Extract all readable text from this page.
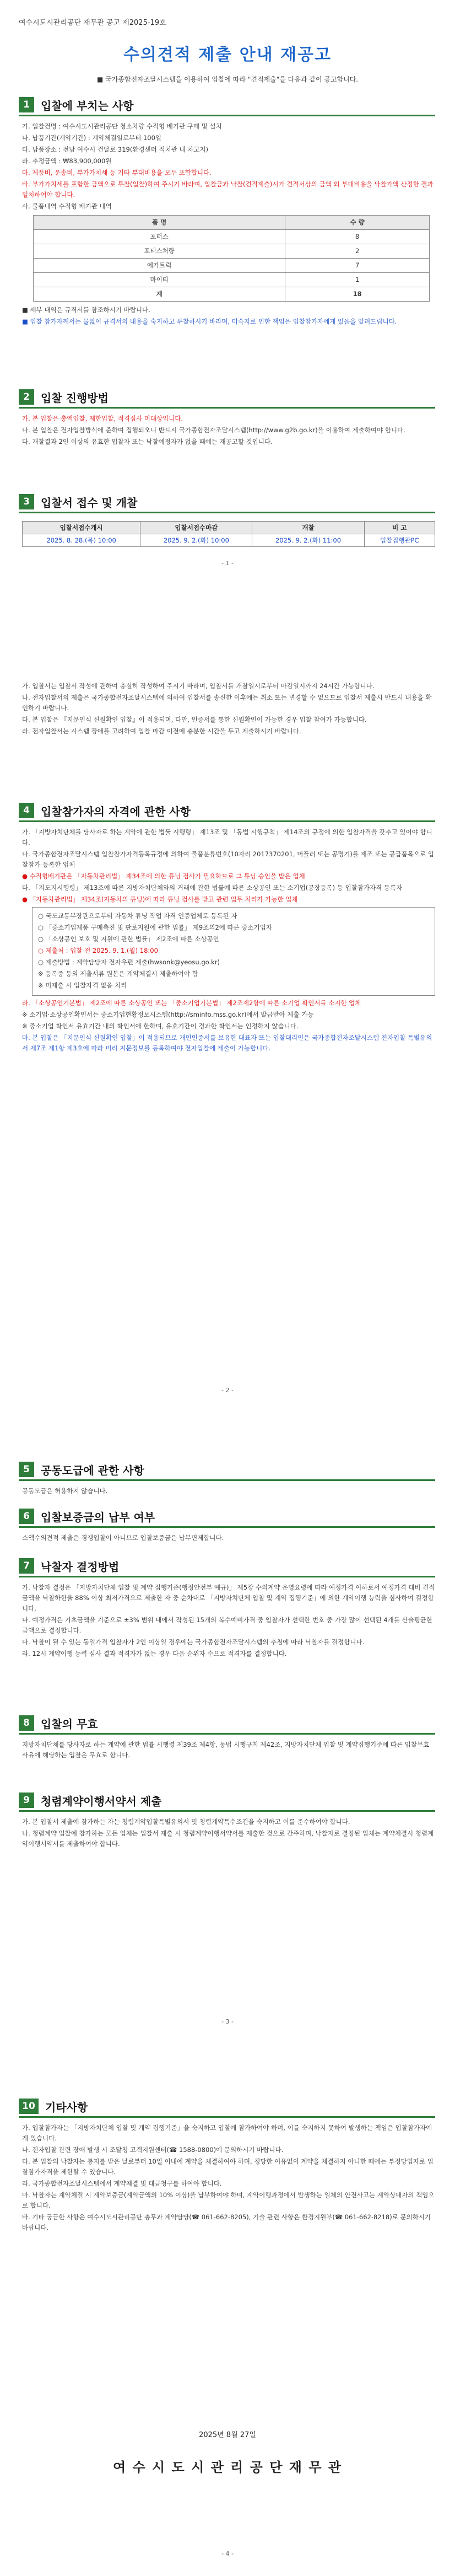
여수시도시관리공단 재무관 공고 제2025-19호
수의견적 제출 안내 재공고
■ 국가종합전자조달시스템을 이용하여 입찰에 따라 "견적제출"을 다음과 같이 공고합니다.
1	입찰에 부치는 사항

가. 입찰건명 : 여수시도시관리공단 청소차량 수직형 배기관 구매 및 설치

나. 납품기간(계약기간) : 계약체결일로부터 100일

다. 납품장소 : 전남 여수시 건달로 319(환경센터 적치관 내 차고지)

라. 추정금액 : ₩83,900,000원

마. 제품비, 운송비, 부가가치세 등 기타 부대비용을 모두 포함합니다.

바. 부가가치세를 포함한 금액으로 투찰(입찰)하여 주시기 바라며, 입찰금과 낙찰(견적제출)시가 견적서상의 금액 외 부대비용을 낙찰가액 산정한 결과 일치하여야 합니다.

사. 물품내역 수직형 배기관 내역

품 명	수 량
포터스	8
포터스처량	2
에가트럭	7
마이티	1
계	18

■ 세부 내역은 규격서를 참조하시기 바랍니다.

■ 입찰 참가자께서는 물없이 규격서의 내용을 숙지하고 투찰하시기 바라며, 미숙지로 인한 책임은 입찰참가자에게 있음을 알려드립니다.

2	입찰 진행방법

가. 본 입찰은 총액입찰, 제한입찰, 적격심사 미대상입니다.

나. 본 입찰은 전자입찰방식에 준하여 집행되오니 반드시 국가종합전자조달시스템(http://www.g2b.go.kr)을 이용하여 제출하여야 합니다.

다. 개찰결과 2인 이상의 유효한 입찰자 또는 낙찰예정자가 없을 때에는 재공고할 것입니다.

3	입찰서 접수 및 개찰
입찰서접수개시	입찰서접수마감	개찰	비 고
2025. 8. 28.(목) 10:00	2025. 9. 2.(화) 10:00	2025. 9. 2.(화) 11:00	입찰집행관PC
- 1 -

가. 입찰서는 입찰서 작성에 관하여 충실히 작성하여 주시기 바라며, 입찰서를 개찰일시로부터 마감일시까지 24시간 가능합니다.

나. 전자입찰서의 제출은 국가종합전자조달시스템에 의하여 입찰서를 송신한 이후에는 취소 또는 변경할 수 없으므로 입찰서 제출시 반드시 내용을 확인하기 바랍니다.

다. 본 입찰은 『지문인식 신원확인 입찰』이 적용되며, 다만, 인증서를 통한 신원확인이 가능한 경우 입찰 참여가 가능합니다.

라. 전자입찰서는 시스템 장애를 고려하여 입찰 마감 이전에 충분한 시간을 두고 제출하시기 바랍니다.

4	입찰참가자의 자격에 관한 사항

가. 「지방자치단체를 당사자로 하는 계약에 관한 법률 시행령」 제13조 및 「동법 시행규칙」 제14조의 규정에 의한 입찰자격을 갖추고 있어야 합니다.

나. 국가종합전자조달시스템 입찰참가자격등록규정에 의하여 물품분류번호(10자리 2017370201, 머플러 또는 공명기)를 제조 또는 공급품목으로 입찰참가 등록한 업체

● 수직형배기관은 「자동차관리법」 제34조에 의한 튜닝 검사가 필요하므로 그 튜닝 승인을 받은 업체

다. 「지도지시행령」 제13조에 따른 지방자치단체와의 거래에 관한 법률에 따른 소상공인 또는 소기업(공장등록) 등 입찰참가자격 등록자

● 「자동차관리법」 제34조(자동차의 튜닝)에 따라 튜닝 검사를 받고 관련 업무 처리가 가능한 업체

○ 국도교통부장관으로부터 자동차 튜닝 작업 자격 인증업체로 등록된 자

○ 「중소기업제품 구매촉진 및 판로지원에 관한 법률」 제9조의2에 따른 중소기업자

○ 「소상공인 보호 및 지원에 관한 법률」 제2조에 따른 소상공인

○ 제출처 : 입찰 전 2025. 9. 1.(월) 18:00

○ 제출방법 : 계약담당자 전자우편 제출(hwsonk@yeosu.go.kr)

※ 등록증 등의 제출서류 원본은 계약체결시 제출하여야 함

※ 미제출 시 입찰자격 없음 처리

라. 「소상공인기본법」 제2조에 따른 소상공인 또는 「중소기업기본법」 제2조제2항에 따른 소기업 확인서를 소지한 업체

※ 소기업·소상공인확인서는 중소기업현황정보시스템(http://sminfo.mss.go.kr)에서 발급받아 제출 가능

※ 중소기업 확인서 유효기간 내의 확인서에 한하며, 유효기간이 경과한 확인서는 인정하지 않습니다.

마. 본 입찰은 「지문인식 신원확인 입찰」이 적용되므로 개인인증서를 보유한 대표자 또는 입찰대리인은 국가종합전자조달시스템 전자입찰 특별유의서 제7조 제1항 제3호에 따라 미리 지문정보를 등록하여야 전자입찰에 제출이 가능합니다.

- 2 -
5	공동도급에 관한 사항

공동도급은 허용하지 않습니다.

6	입찰보증금의 납부 여부

소액수의견적 제출은 경쟁입찰이 아니므로 입찰보증금은 납부면제합니다.

7	낙찰자 결정방법

가. 낙찰자 결정은 「지방자치단체 입찰 및 계약 집행기준(행정안전부 예규)」 제5장 수의계약 운영요령에 따라 예정가격 이하로서 예정가격 대비 견적금액을 낙찰하한율 88% 이상 최저가격으로 제출한 자 중 순차대로 「지방자치단체 입찰 및 계약 집행기준」에 의한 계약이행 능력을 심사하여 결정합니다.

나. 예정가격은 기초금액을 기준으로 ±3% 범위 내에서 작성된 15개의 복수예비가격 중 입찰자가 선택한 번호 중 가장 많이 선택된 4개를 산술평균한 금액으로 결정합니다.

다. 낙찰이 될 수 있는 동일가격 입찰자가 2인 이상일 경우에는 국가종합전자조달시스템의 추첨에 따라 낙찰자를 결정합니다.

라. 12시 계약이행 능력 심사 결과 적격자가 없는 경우 다음 순위자 순으로 적격자를 결정합니다.

8	입찰의 무효

지방자치단체를 당사자로 하는 계약에 관한 법률 시행령 제39조 제4항, 동법 시행규칙 제42조, 지방자치단체 입찰 및 계약집행기준에 따른 입찰무효 사유에 해당하는 입찰은 무효로 합니다.

9	청렴계약이행서약서 제출

가. 본 입찰서 제출에 참가하는 자는 청렴계약입찰특별유의서 및 청렴계약특수조건을 숙지하고 이를 준수하여야 합니다.

나. 청렴계약 입찰에 참가하는 모든 업체는 입찰서 제출 시 청렴계약이행서약서를 제출한 것으로 간주하며, 낙찰자로 결정된 업체는 계약체결시 청렴계약이행서약서를 제출하여야 합니다.

- 3 -
10 기타사항

가. 입찰참가자는 「지방자치단체 입찰 및 계약 집행기준」을 숙지하고 입찰에 참가하여야 하며, 이를 숙지하지 못하여 발생하는 책임은 입찰참가자에게 있습니다.

나. 전자입찰 관련 장애 발생 시 조달청 고객지원센터(☎ 1588-0800)에 문의하시기 바랍니다.

다. 본 입찰의 낙찰자는 통지를 받은 날로부터 10일 이내에 계약을 체결하여야 하며, 정당한 이유없이 계약을 체결하지 아니한 때에는 부정당업자로 입찰참가자격을 제한할 수 있습니다.

라. 국가종합전자조달시스템에서 계약체결 및 대금청구를 하여야 합니다.

마. 낙찰자는 계약체결 시 계약보증금(계약금액의 10% 이상)을 납부하여야 하며, 계약이행과정에서 발생하는 일체의 안전사고는 계약상대자의 책임으로 합니다.

바. 기타 궁금한 사항은 여수시도시관리공단 총무과 계약담당(☎ 061-662-8205), 기술 관련 사항은 환경지원부(☎ 061-662-8218)로 문의하시기 바랍니다.

2025년 8월 27일
여 수 시 도 시 관 리 공 단 재 무 관
- 4 -
